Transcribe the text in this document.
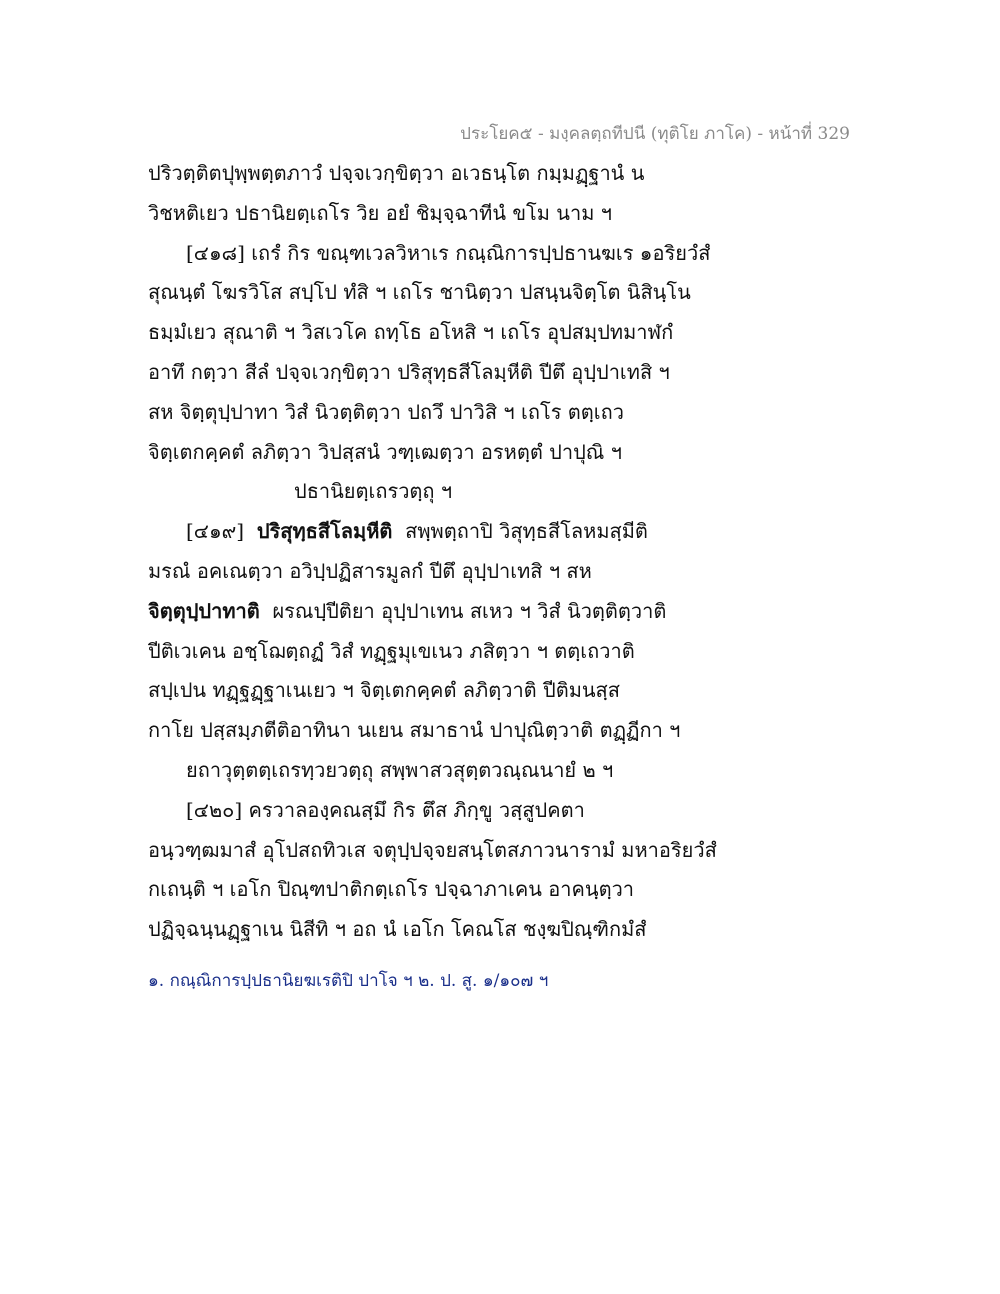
ประโยค๕ - มงฺคลตฺถทีปนี (ทุติโย ภาโค) - หน้าที่ 329
ปริวตฺติตปุพฺพตฺตภาวํ ปจฺจเวกฺขิตฺวา อเวธนฺโต กมฺมฏฺฐานํ น
วิชหติเยว ปธานิยตฺเถโร วิย อยํ ชิมฺจฺฉาทีนํ ขโม นาม ฯ
[๔๑๘] เถรํ กิร ขณฺฑเวลวิหาเร กณฺณิการปฺปธานฆเร ๑อริยวํสํ
สุณนฺตํ โฆรวิโส สปฺโป ทํสิ ฯ เถโร ชานิตฺวา ปสนฺนจิตฺโต นิสินฺโน
ธมฺมํเยว สุณาติ ฯ วิสเวโค ถทฺโธ อโหสิ ฯ เถโร อุปสมฺปทมาฬกํ
อาทึ กตฺวา สีลํ ปจฺจเวกฺขิตฺวา ปริสุทฺธสีโลมฺหีติ ปีตึ อุปฺปาเทสิ ฯ
สห จิตฺตุปฺปาทา วิสํ นิวตฺติตฺวา ปถวึ ปาวิสิ ฯ เถโร ตตฺเถว
จิตฺเตกคฺคตํ ลภิตฺวา วิปสฺสนํ วฑฺเฒตฺวา อรหตฺตํ ปาปุณิ ฯ
ปธานิยตฺเถรวตฺถุ ฯ
[๔๑๙] ปริสุทฺธสีโลมฺหีติ สพฺพตฺถาปิ วิสุทฺธสีโลหมสฺมีติ
มรณํ อคเณตฺวา อวิปฺปฏิสารมูลกํ ปีตึ อุปฺปาเทสิ ฯ สห
จิตฺตุปฺปาทาติ ผรณปฺปีติยา อุปฺปาเทน สเหว ฯ วิสํ นิวตฺติตฺวาติ
ปีติเวเคน อชฺโฌตฺถฏํ วิสํ ทฏฺฐมุเขเนว ภสิตฺวา ฯ ตตฺเถวาติ
สปฺเปน ทฏฺฐฏฺฐาเนเยว ฯ จิตฺเตกคฺคตํ ลภิตฺวาติ ปีติมนสฺส
กาโย ปสฺสมฺภตีติอาทินา นเยน สมาธานํ ปาปุณิตฺวาติ ตฏฺฏีกา ฯ
ยถาวุตฺตตฺเถรทฺวยวตฺถุ สพฺพาสวสุตฺตวณฺณนายํ ๒ ฯ
[๔๒๐] ครวาลองฺคณสฺมึ กิร ตึส ภิกฺขู วสฺสูปคตา
อนฺวฑฺฒมาสํ อุโปสถทิวเส จตุปฺปจฺจยสนฺโตสภาวนารามํ มหาอริยวํสํ
กเถนฺติ ฯ เอโก ปิณฺฑปาติกตฺเถโร ปจฺฉาภาเคน อาคนฺตฺวา
ปฏิจฺฉนฺนฏฺฐาเน นิสีทิ ฯ อถ นํ เอโก โคณโส ชงฺฆปิณฺฑิกมํสํ
๑. กณฺณิการปฺปธานิยฆเรติปิ ปาโจ ฯ ๒. ป. สู. ๑/๑๐๗ ฯ
